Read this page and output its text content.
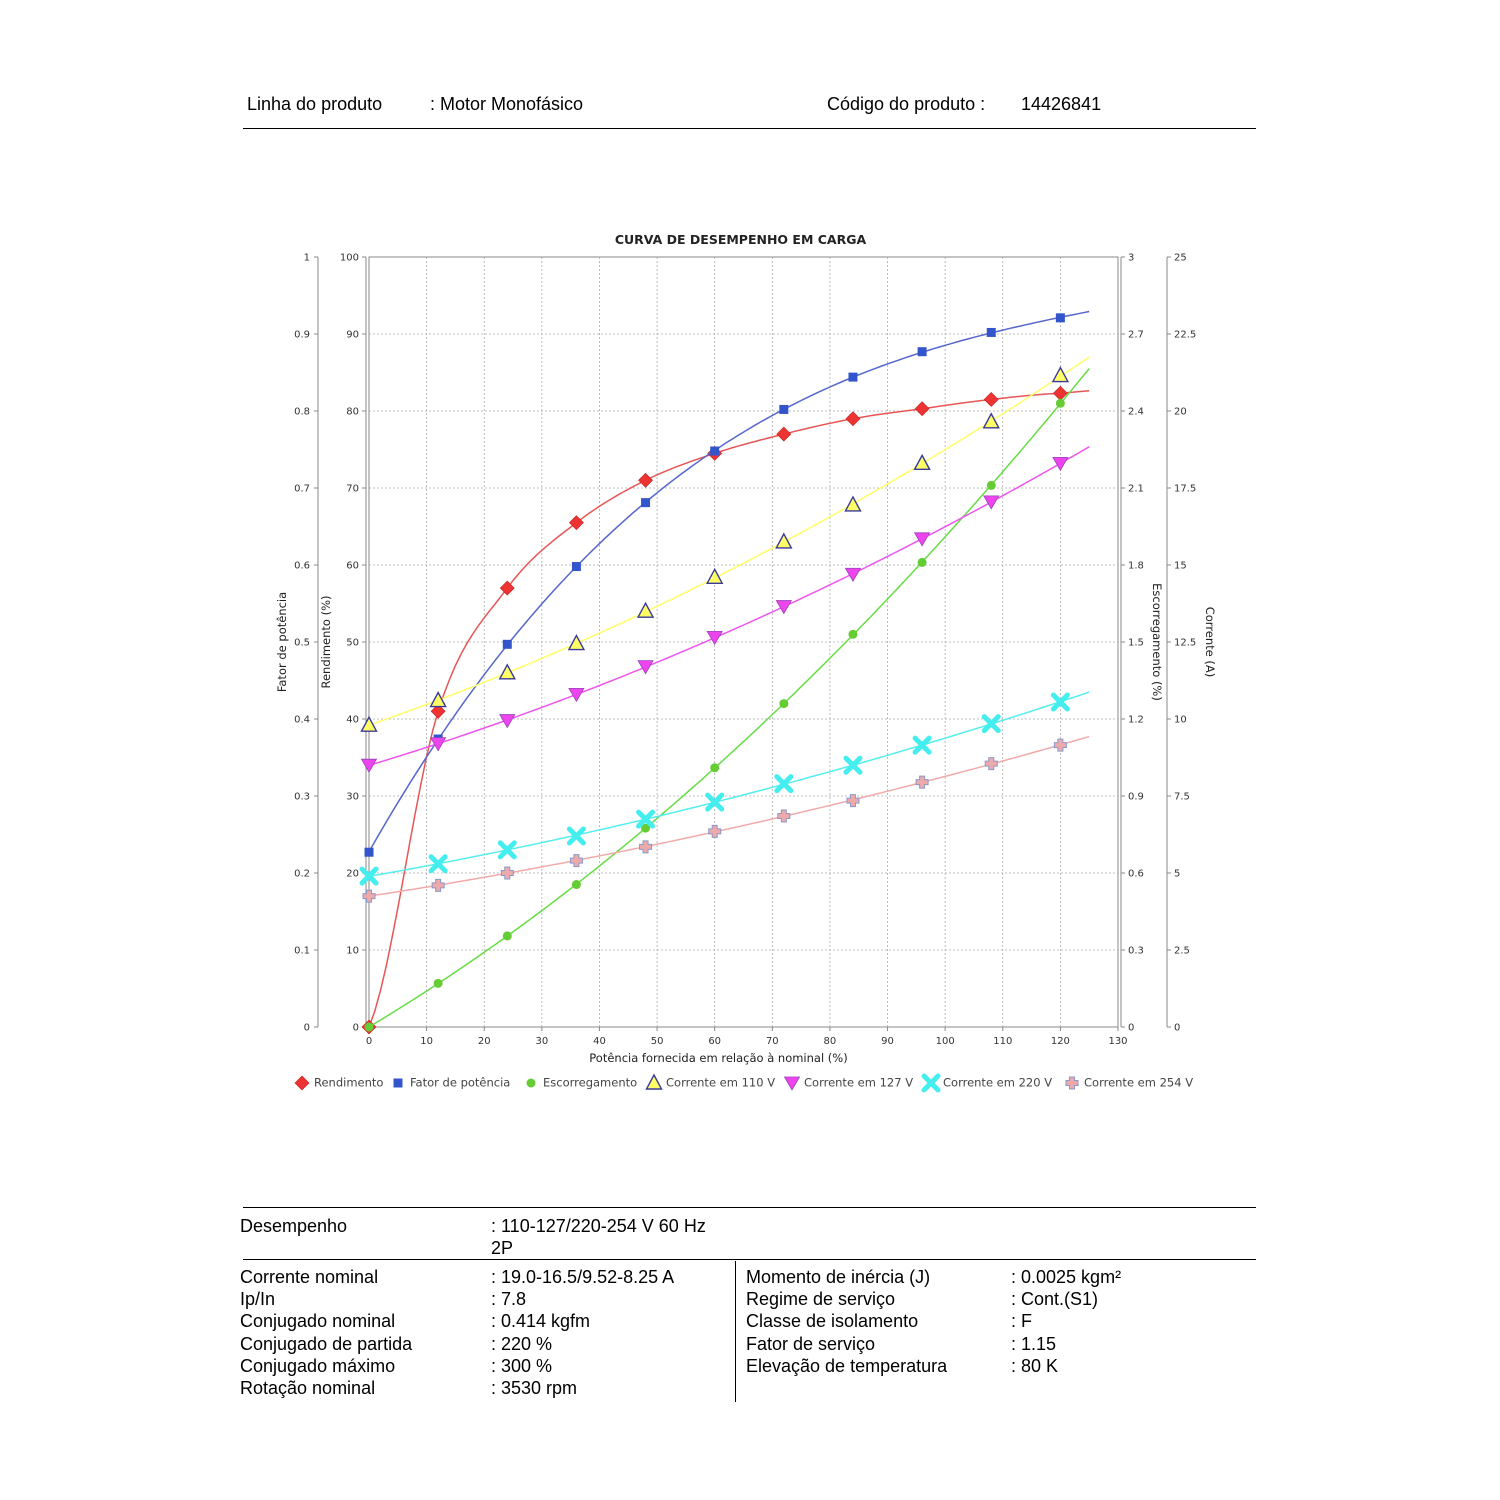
Linha do produto	: Motor Monofásico	Código do produto : 14426841
0	10	20	30	40	50	60	70	80	90	100	110	120	130
0
0.1
0.2
0.3
0.4
0.5
0.6
0.7
0.8
0.9
1
Fator de potência
0
10
20
30
40
50
60
70
80
90
100
Rendimento (%)
0
0.3
0.6
0.9
1.2
1.5
1.8
2.1
2.4
2.7
3
Escorregamento (%)
0
2.5
5
7.5
10
12.5
15
17.5
20
22.5
25
Corrente (A)
CURVA DE DESEMPENHO EM CARGA
Potência fornecida em relação à nominal (%)
Rendimento Fator de potência	Escorregamento	Corrente em 110 V	Corrente em 127 V	Corrente em 220 V	Corrente em 254 V
Desempenho	: 110-127/220-254 V 60 Hz
2P
Corrente nominal	: 19.0-16.5/9.52-8.25 A
Ip/In	: 7.8
Conjugado nominal	: 0.414 kgfm
Conjugado de partida	: 220 %
Conjugado máximo	: 300 %
Rotação nominal	: 3530 rpm
Momento de inércia (J)	: 0.0025 kgm²
Regime de serviço	: Cont.(S1)
Classe de isolamento	: F
Fator de serviço	: 1.15
Elevação de temperatura	: 80 K
